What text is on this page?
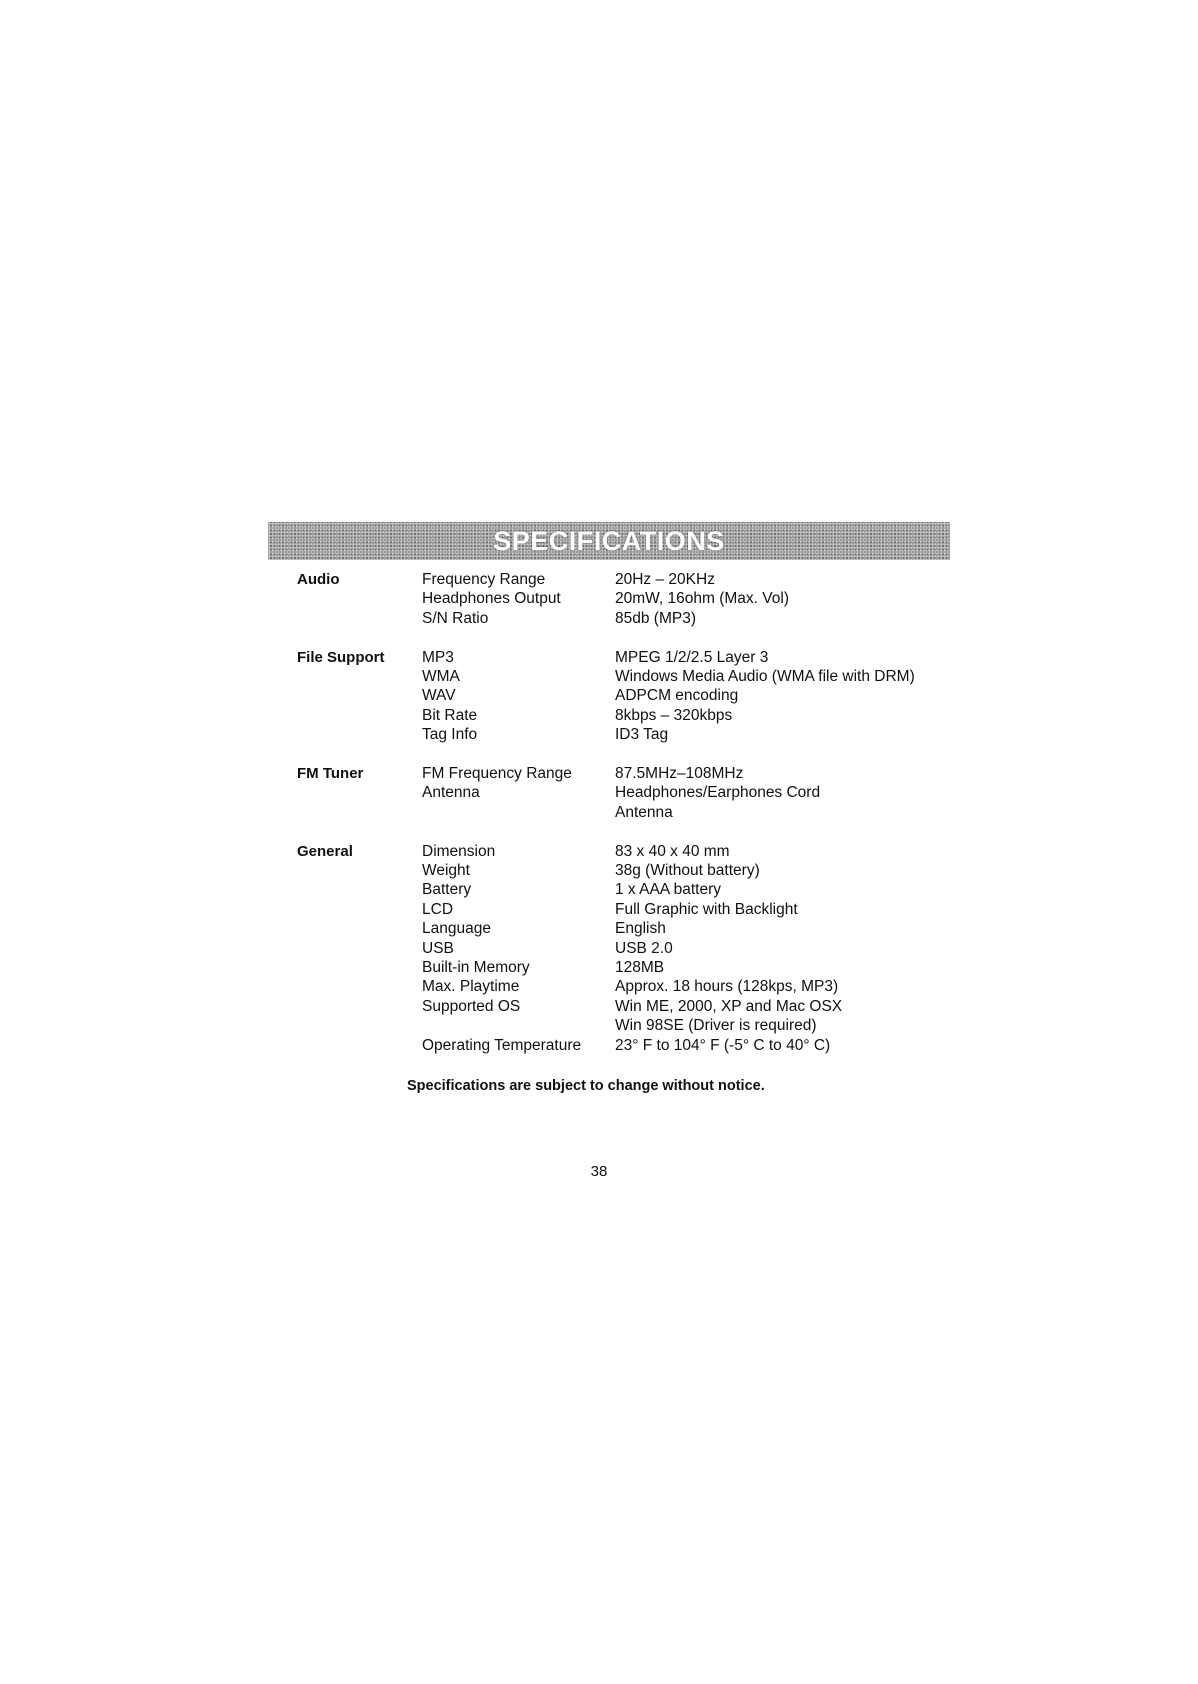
SPECIFICATIONS
Audio	Frequency Range	20Hz – 20KHz
Headphones Output	20mW, 16ohm (Max. Vol)
S/N Ratio	85db (MP3)
File Support	MP3	MPEG 1/2/2.5 Layer 3
WMA	Windows Media Audio (WMA file with DRM)
WAV	ADPCM encoding
Bit Rate	8kbps – 320kbps
Tag Info	ID3 Tag
FM Tuner	FM Frequency Range	87.5MHz–108MHz
Antenna	Headphones/Earphones Cord
Antenna
General	Dimension	83 x 40 x 40 mm
Weight	38g (Without battery)
Battery	1 x AAA battery
LCD	Full Graphic with Backlight
Language	English
USB	USB 2.0
Built-in Memory	128MB
Max. Playtime	Approx. 18 hours (128kps, MP3)
Supported OS	Win ME, 2000, XP and Mac OSX
Win 98SE (Driver is required)
Operating Temperature	23° F to 104° F (-5° C to 40° C)
Specifications are subject to change without notice.
38
